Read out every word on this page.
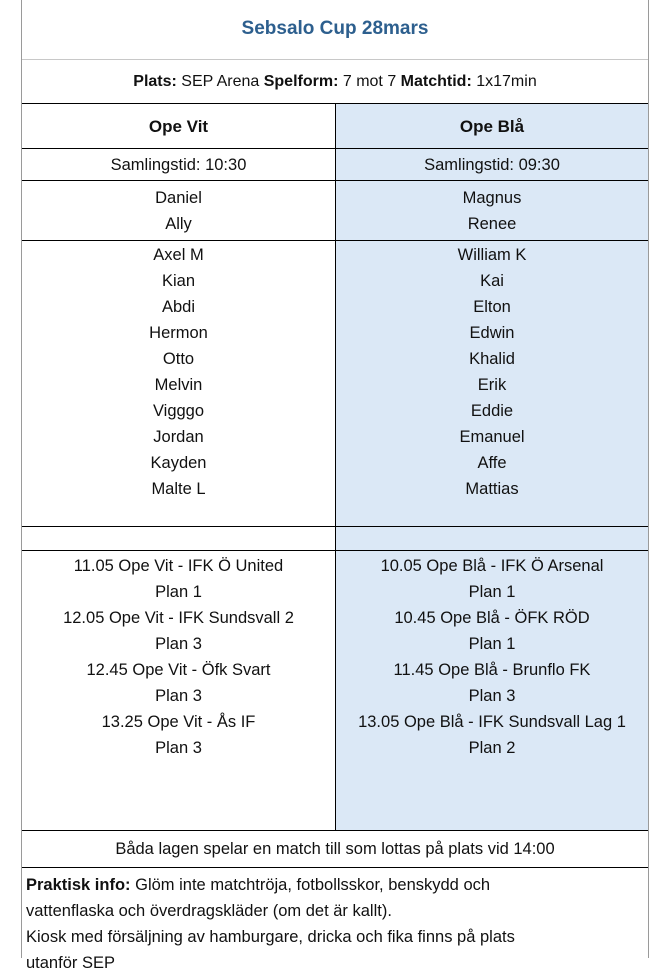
Sebsalo Cup 28mars
Plats: SEP Arena Spelform: 7 mot 7 Matchtid: 1x17min
Ope Vit	Ope Blå
Samlingstid: 10:30	Samlingstid: 09:30
Daniel
Ally
Magnus
Renee
Axel M
Kian
Abdi
Hermon
Otto
Melvin
Vigggo
Jordan
Kayden
Malte L
William K
Kai
Elton
Edwin
Khalid
Erik
Eddie
Emanuel
Affe
Mattias
11.05 Ope Vit - IFK Ö United
Plan 1
12.05 Ope Vit - IFK Sundsvall 2
Plan 3
12.45 Ope Vit - Öfk Svart
Plan 3
13.25 Ope Vit - Ås IF
Plan 3
10.05 Ope Blå - IFK Ö Arsenal
Plan 1
10.45 Ope Blå - ÖFK RÖD
Plan 1
11.45 Ope Blå - Brunflo FK
Plan 3
13.05 Ope Blå - IFK Sundsvall Lag 1
Plan 2
Båda lagen spelar en match till som lottas på plats vid 14:00
Praktisk info: Glöm inte matchtröja, fotbollsskor, benskydd och
vattenflaska och överdragskläder (om det är kallt).
Kiosk med försäljning av hamburgare, dricka och fika finns på plats
utanför SEP
